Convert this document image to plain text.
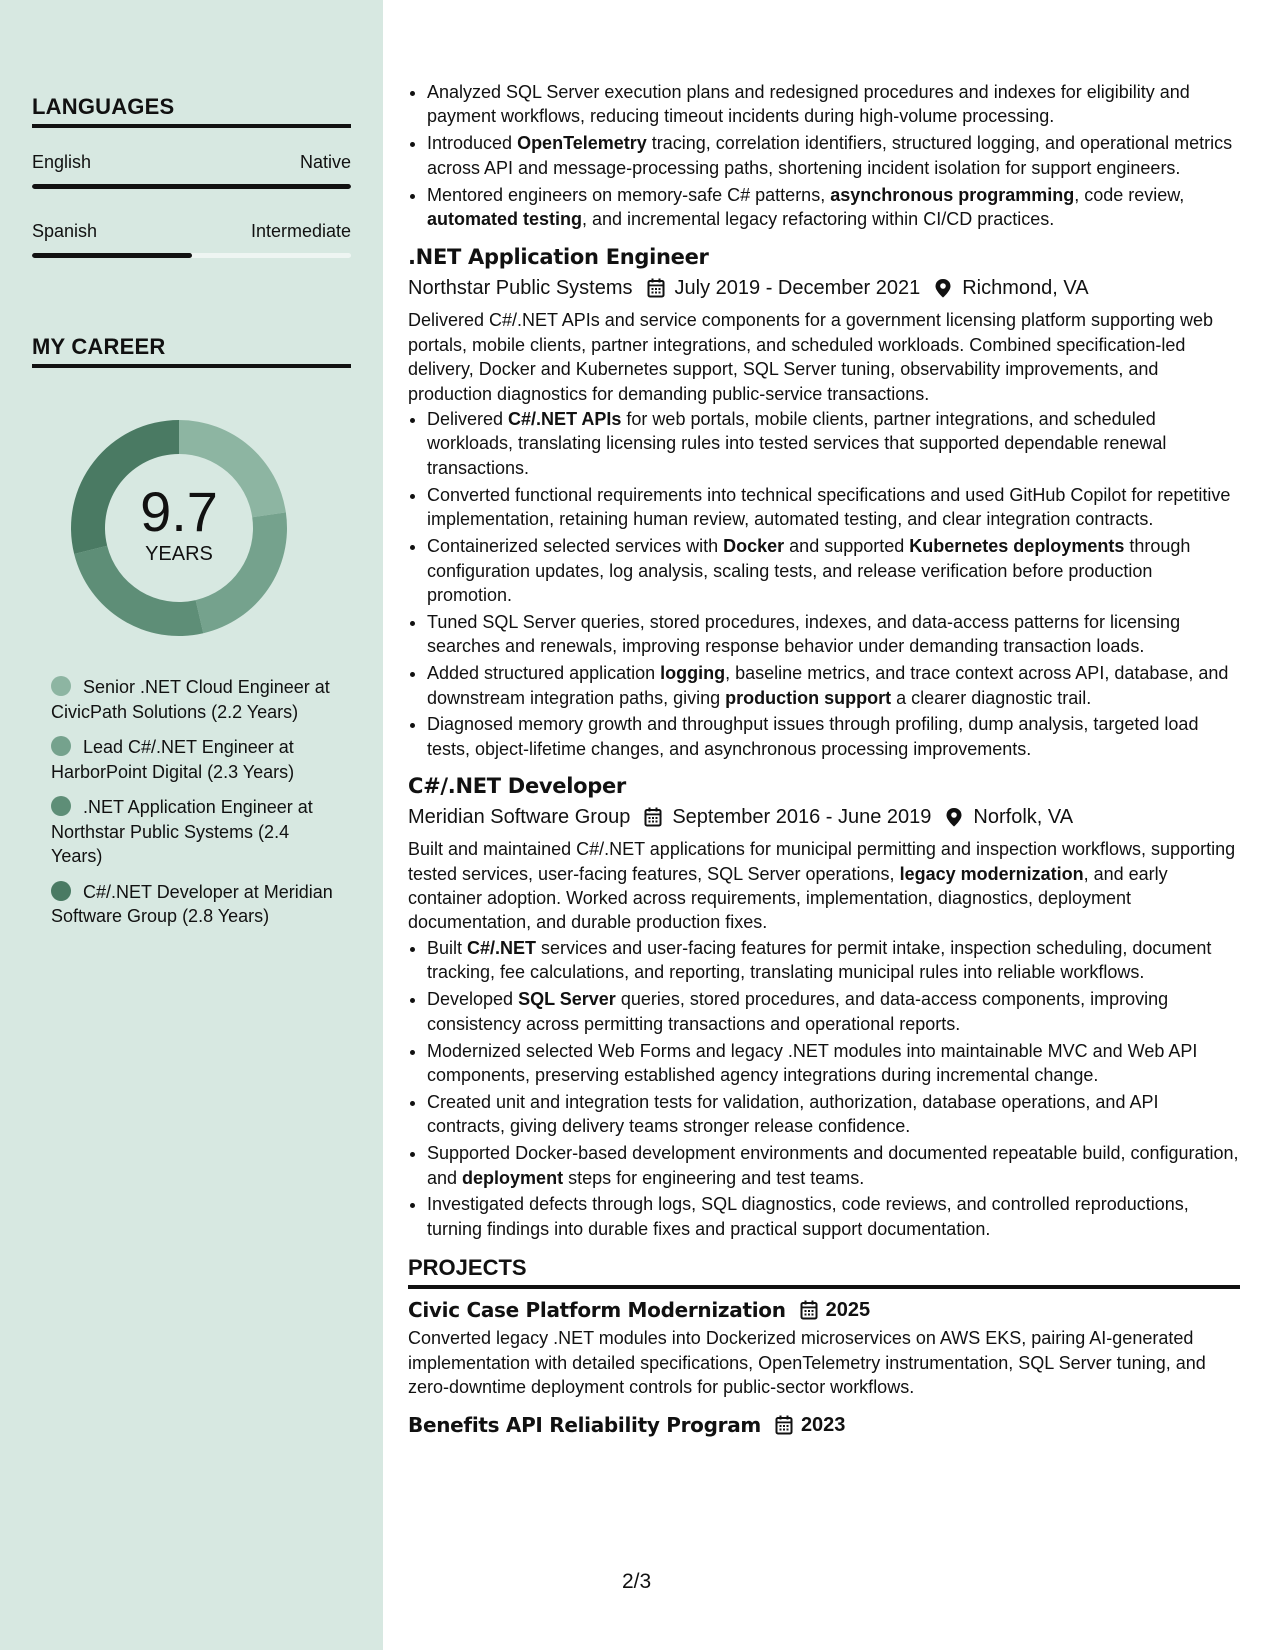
LANGUAGES
English	Native
Spanish	Intermediate
MY CAREER
9.7
YEARS
Senior .NET Cloud Engineer at CivicPath Solutions (2.2 Years)
Lead C#/.NET Engineer at HarborPoint Digital (2.3 Years)
.NET Application Engineer at Northstar Public Systems (2.4 Years)
C#/.NET Developer at Meridian Software Group (2.8 Years)
• Analyzed SQL Server execution plans and redesigned procedures and indexes for eligibility and payment workflows, reducing timeout incidents during high-volume processing.
• Introduced OpenTelemetry tracing, correlation identifiers, structured logging, and operational metrics across API and message-processing paths, shortening incident isolation for support engineers.
• Mentored engineers on memory-safe C# patterns, asynchronous programming, code review, automated testing, and incremental legacy refactoring within CI/CD practices.
.NET Application Engineer
Northstar Public Systems July 2019 - December 2021 Richmond, VA
Delivered C#/.NET APIs and service components for a government licensing platform supporting web portals, mobile clients, partner integrations, and scheduled workloads. Combined specification-led delivery, Docker and Kubernetes support, SQL Server tuning, observability improvements, and production diagnostics for demanding public-service transactions.
• Delivered C#/.NET APIs for web portals, mobile clients, partner integrations, and scheduled workloads, translating licensing rules into tested services that supported dependable renewal transactions.
• Converted functional requirements into technical specifications and used GitHub Copilot for repetitive implementation, retaining human review, automated testing, and clear integration contracts.
• Containerized selected services with Docker and supported Kubernetes deployments through configuration updates, log analysis, scaling tests, and release verification before production promotion.
• Tuned SQL Server queries, stored procedures, indexes, and data-access patterns for licensing searches and renewals, improving response behavior under demanding transaction loads.
• Added structured application logging, baseline metrics, and trace context across API, database, and downstream integration paths, giving production support a clearer diagnostic trail.
• Diagnosed memory growth and throughput issues through profiling, dump analysis, targeted load tests, object-lifetime changes, and asynchronous processing improvements.
C#/.NET Developer
Meridian Software Group September 2016 - June 2019 Norfolk, VA
Built and maintained C#/.NET applications for municipal permitting and inspection workflows, supporting tested services, user-facing features, SQL Server operations, legacy modernization, and early container adoption. Worked across requirements, implementation, diagnostics, deployment documentation, and durable production fixes.
• Built C#/.NET services and user-facing features for permit intake, inspection scheduling, document tracking, fee calculations, and reporting, translating municipal rules into reliable workflows.
• Developed SQL Server queries, stored procedures, and data-access components, improving consistency across permitting transactions and operational reports.
• Modernized selected Web Forms and legacy .NET modules into maintainable MVC and Web API components, preserving established agency integrations during incremental change.
• Created unit and integration tests for validation, authorization, database operations, and API contracts, giving delivery teams stronger release confidence.
• Supported Docker-based development environments and documented repeatable build, configuration, and deployment steps for engineering and test teams.
• Investigated defects through logs, SQL diagnostics, code reviews, and controlled reproductions, turning findings into durable fixes and practical support documentation.
PROJECTS
Civic Case Platform Modernization 2025
Converted legacy .NET modules into Dockerized microservices on AWS EKS, pairing AI-generated implementation with detailed specifications, OpenTelemetry instrumentation, SQL Server tuning, and zero-downtime deployment controls for public-sector workflows.
Benefits API Reliability Program 2023
2/3
